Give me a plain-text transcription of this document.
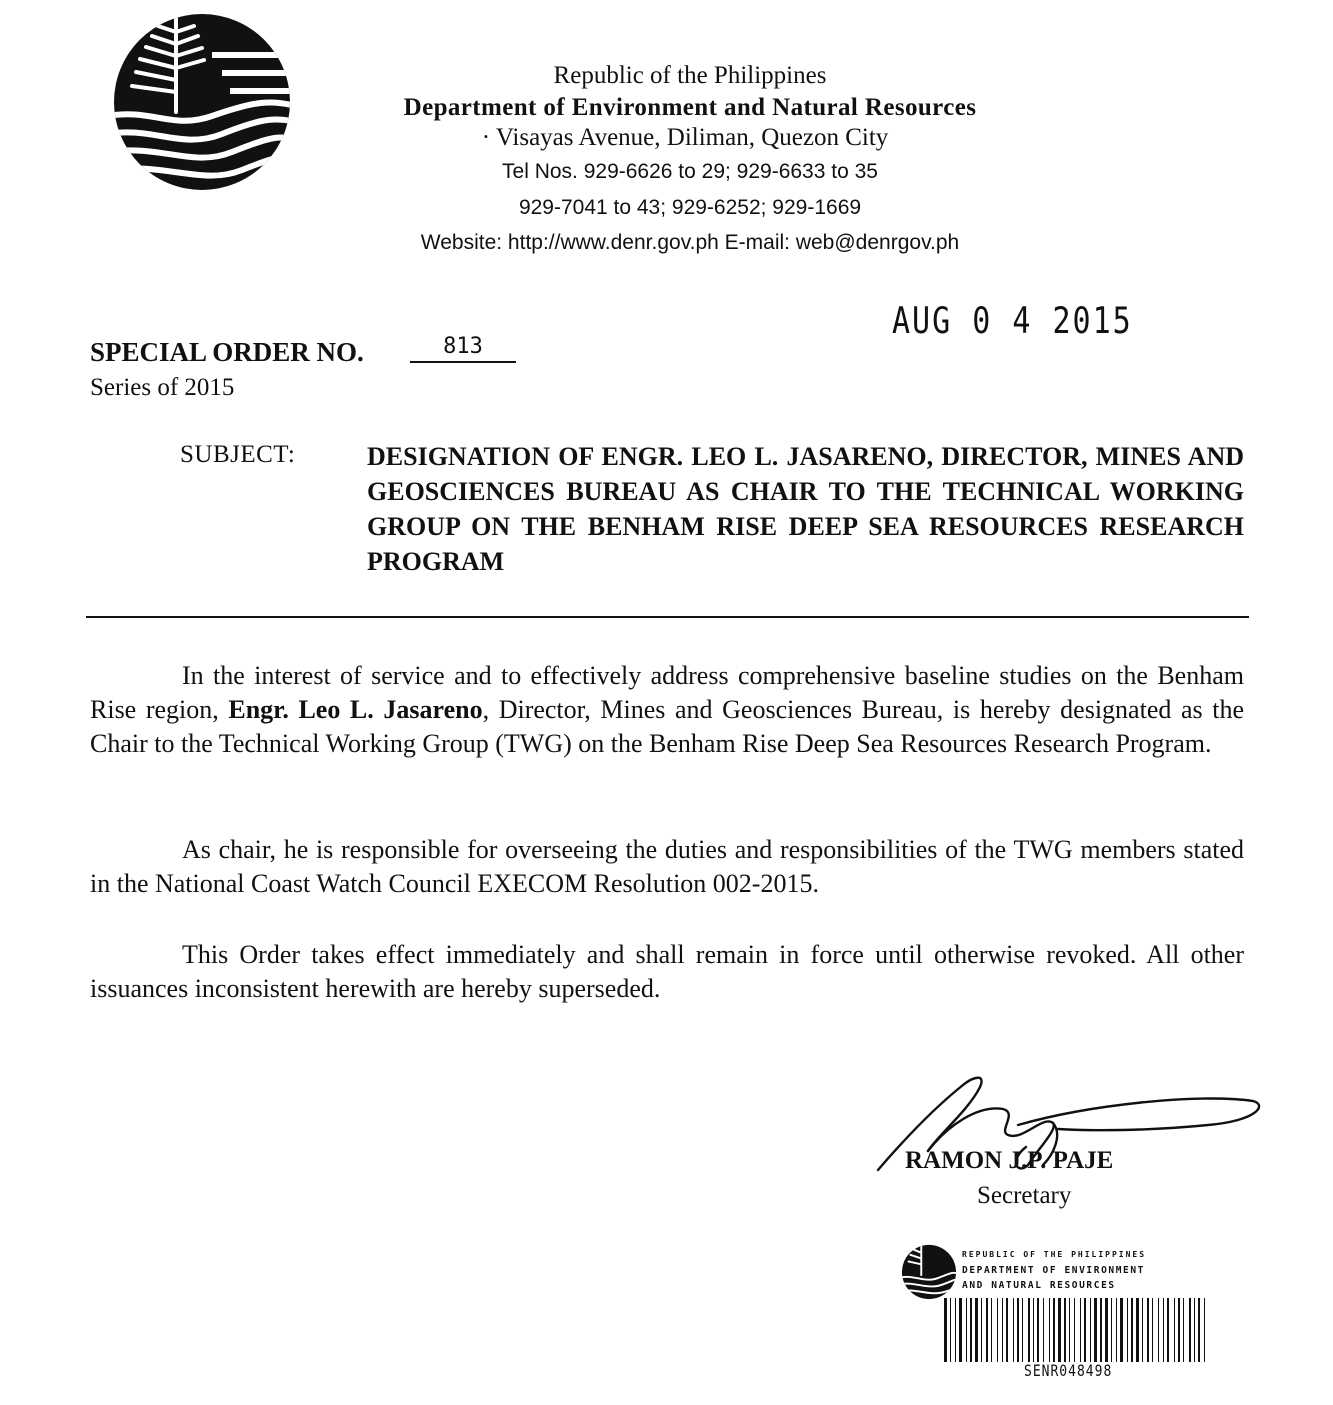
Republic of the Philippines
Department of Environment and Natural Resources
· Visayas Avenue, Diliman, Quezon City
Tel Nos. 929-6626 to 29; 929-6633 to 35
929-7041 to 43; 929-6252; 929-1669
Website: http://www.denr.gov.ph E-mail: web@denrgov.ph
AUG 0 4 2015
SPECIAL ORDER NO.	813
Series of 2015
SUBJECT:	DESIGNATION OF ENGR. LEO L. JASARENO, DIRECTOR, MINES AND GEOSCIENCES BUREAU AS CHAIR TO THE TECHNICAL WORKING GROUP ON THE BENHAM RISE DEEP SEA RESOURCES RESEARCH PROGRAM

In the interest of service and to effectively address comprehensive baseline studies on the Benham Rise region, Engr. Leo L. Jasareno, Director, Mines and Geosciences Bureau, is hereby designated as the Chair to the Technical Working Group (TWG) on the Benham Rise Deep Sea Resources Research Program.

As chair, he is responsible for overseeing the duties and responsibilities of the TWG members stated in the National Coast Watch Council EXECOM Resolution 002-2015.

This Order takes effect immediately and shall remain in force until otherwise revoked. All other issuances inconsistent herewith are hereby superseded.

RAMON J.P. PAJE
Secretary
REPUBLIC OF THE PHILIPPINES
DEPARTMENT OF ENVIRONMENT
AND NATURAL RESOURCES
SENR048498
